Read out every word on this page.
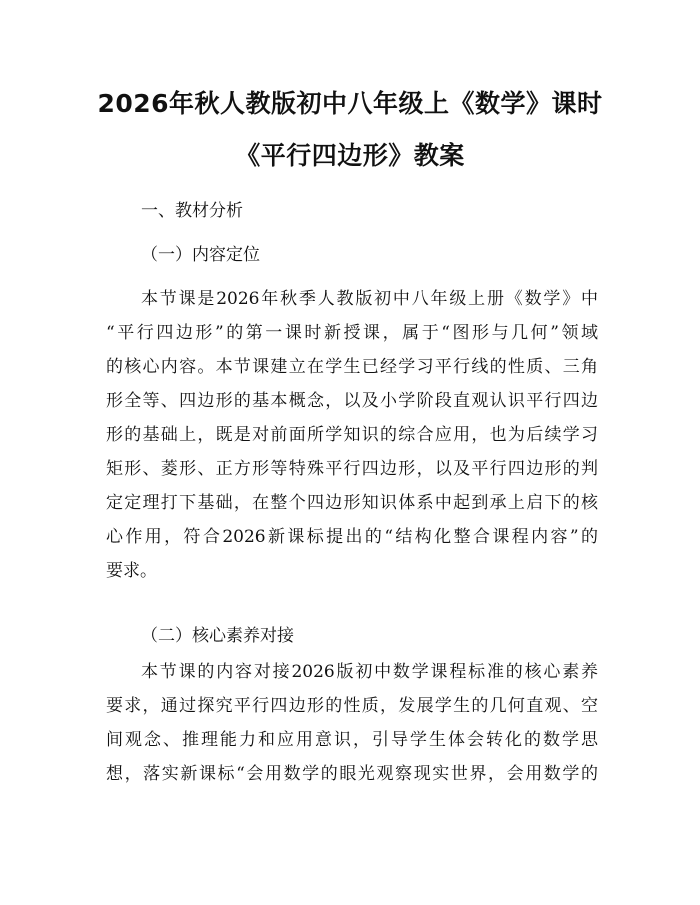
2026年秋人教版初中八年级上《数学》课时
《平行四边形》教案
一、教材分析
（一）内容定位
本节课是2026年秋季人教版初中八年级上册《数学》中
“平行四边形”的第一课时新授课，属于“图形与几何”领域
的核心内容。本节课建立在学生已经学习平行线的性质、三角
形全等、四边形的基本概念，以及小学阶段直观认识平行四边
形的基础上，既是对前面所学知识的综合应用，也为后续学习
矩形、菱形、正方形等特殊平行四边形，以及平行四边形的判
定定理打下基础，在整个四边形知识体系中起到承上启下的核
心作用，符合2026新课标提出的“结构化整合课程内容”的
要求。
（二）核心素养对接
本节课的内容对接2026版初中数学课程标准的核心素养
要求，通过探究平行四边形的性质，发展学生的几何直观、空
间观念、推理能力和应用意识，引导学生体会转化的数学思
想，落实新课标“会用数学的眼光观察现实世界，会用数学的
